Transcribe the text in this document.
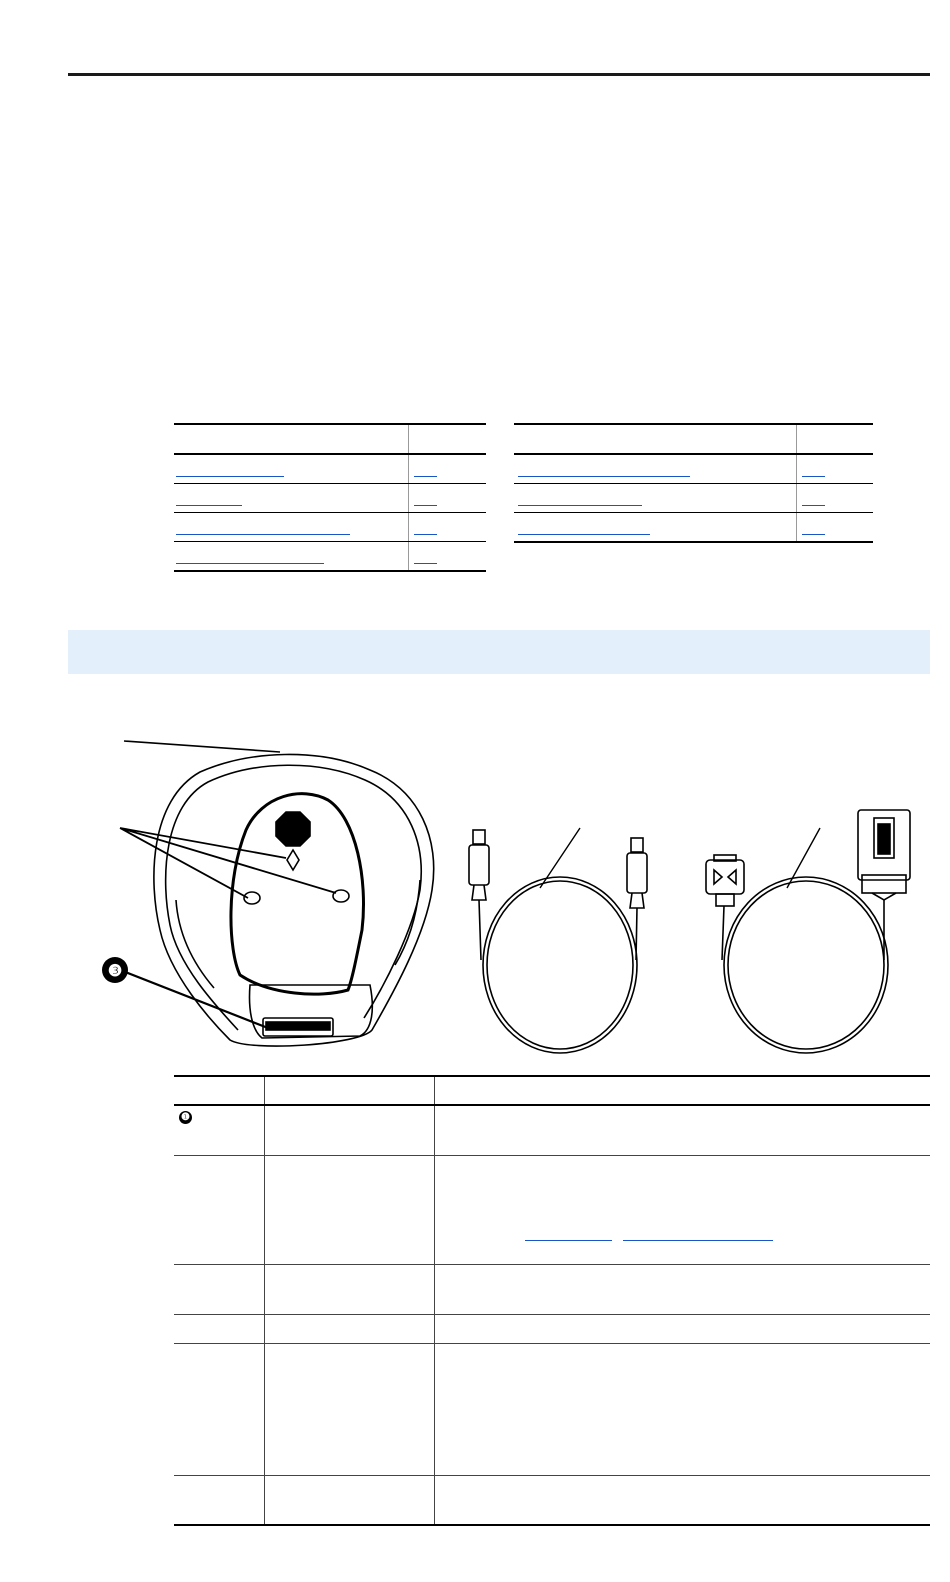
❸
❶
